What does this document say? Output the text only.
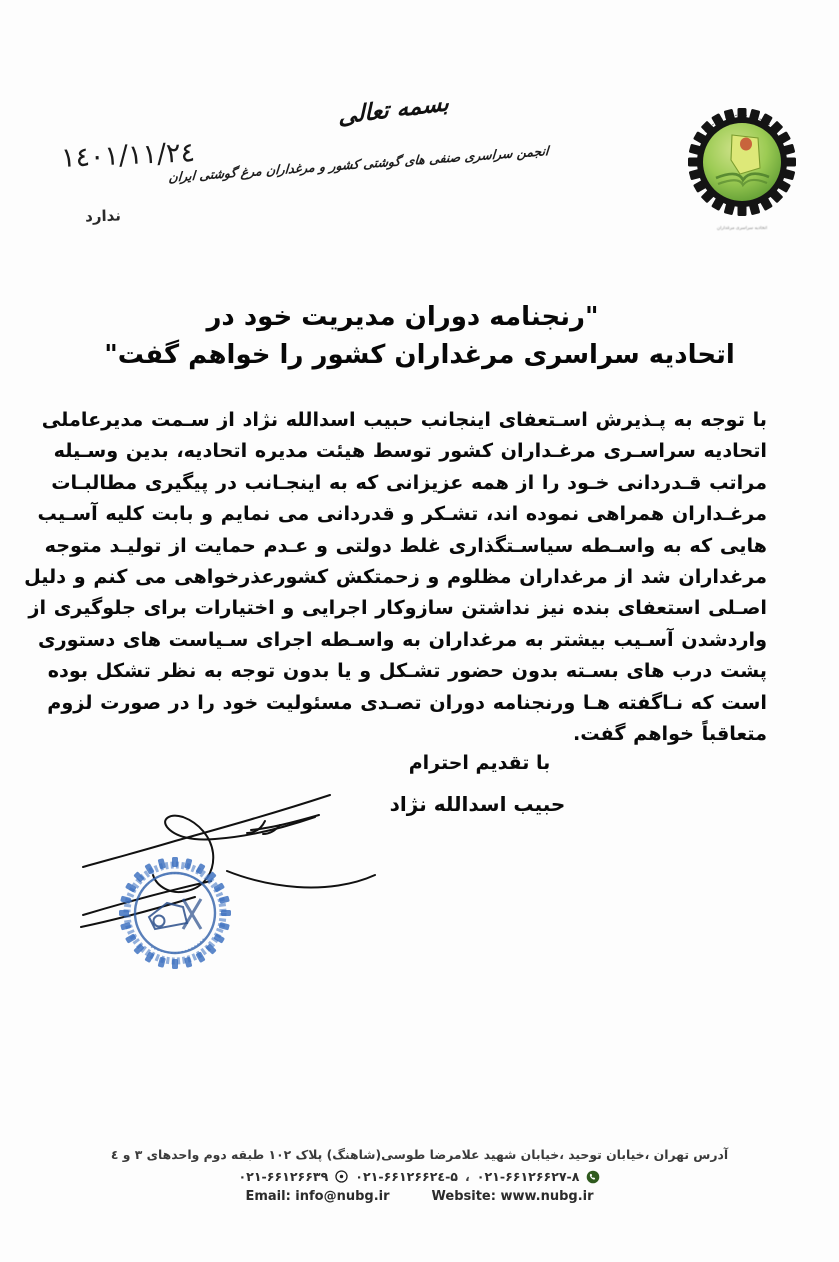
۱٤۰۱/۱۱/۲٤
ندارد
بسمه تعالی
انجمن سراسری صنفی های گوشتی کشور و مرغداران مرغ گوشتی ایران
اتحادیه سراسری مرغداران
"رنجنامه دوران مدیریت خود در
اتحادیه سراسری مرغداران کشور را خواهم گفت"
با توجه به پـذیرش اسـتعفای اینجانب حبیب اسدالله نژاد از سـمت مدیرعاملی
اتحادیه سراسـری مرغـداران کشور توسط هیئت مدیره اتحادیه، بدین وسـیله
مراتب قـدردانی خـود را از همه عزیزانی که به اینجـانب در پیگیری مطالبـات
مرغـداران همراهی نموده اند، تشـکر و قدردانی می نمایم و بابت کلیه آسـیب
هایی که به واسـطه سیاسـتگذاری غلط دولتی و عـدم حمایت از تولیـد متوجه
مرغداران شد از مرغداران مظلوم و زحمتکش کشورعذرخواهی می کنم و دلیل
اصـلی استعفای بنده نیز نداشتن سازوکار اجرایی و اختیارات برای جلوگیری از
واردشدن آسـیب بیشتر به مرغداران به واسـطه اجرای سـیاست های دستوری
پشت درب های بسـته بدون حضور تشـکل و یا بدون توجه به نظر تشکل بوده
است که نـاگفته هـا ورنجنامه دوران تصـدی مسئولیت خود را در صورت لزوم
متعاقباً خواهم گفت.
با تقدیم احترام
حبیب اسدالله نژاد
آدرس تهران ،خیابان توحید ،خیابان شهید علامرضا طوسی(شاهنگ) پلاک ۱۰۲ طبقه دوم واحدهای ۳ و ٤
۰۲۱-۶۶۱۲۶۶۳۹ ۰۲۱-۶۶۱۲۶۶۲٤-۵ ، ۰۲۱-۶۶۱۲۶۶۲۷-۸
Email: info@nubg.ir	Website: www.nubg.ir
